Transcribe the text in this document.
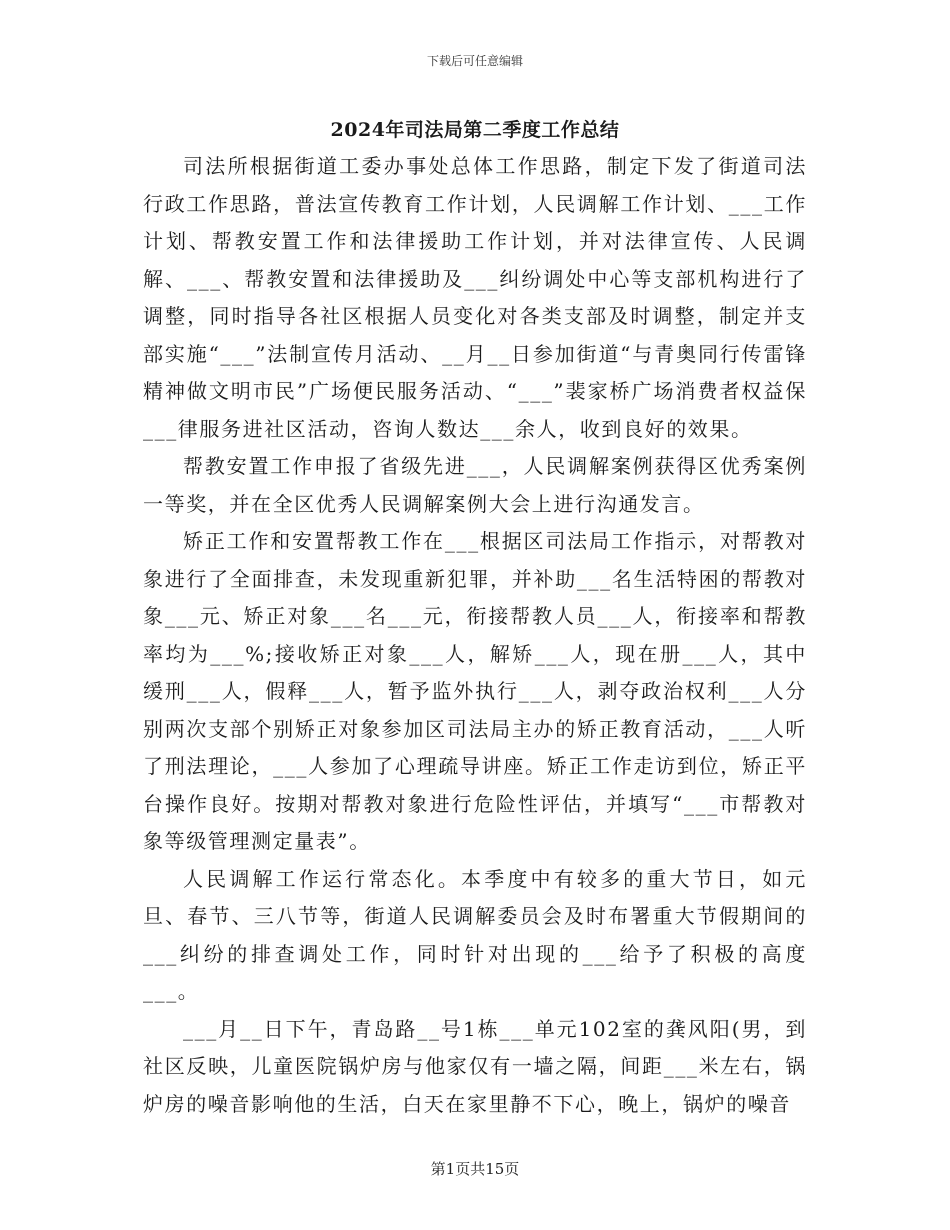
下载后可任意编辑
2024年司法局第二季度工作总结

司法所根据街道工委办事处总体工作思路，制定下发了街道司法行政工作思路，普法宣传教育工作计划，人民调解工作计划、___工作计划、帮教安置工作和法律援助工作计划，并对法律宣传、人民调解、___、帮教安置和法律援助及___纠纷调处中心等支部机构进行了调整，同时指导各社区根据人员变化对各类支部及时调整，制定并支部实施“___”法制宣传月活动、__月__日参加街道“与青奥同行传雷锋精神做文明市民”广场便民服务活动、“___”裴家桥广场消费者权益保___律服务进社区活动，咨询人数达___余人，收到良好的效果。

帮教安置工作申报了省级先进___，人民调解案例获得区优秀案例一等奖，并在全区优秀人民调解案例大会上进行沟通发言。

矫正工作和安置帮教工作在___根据区司法局工作指示，对帮教对象进行了全面排查，未发现重新犯罪，并补助___名生活特困的帮教对象___元、矫正对象___名___元，衔接帮教人员___人，衔接率和帮教率均为___%;接收矫正对象___人，解矫___人，现在册___人，其中缓刑___人，假释___人，暂予监外执行___人，剥夺政治权利___人分别两次支部个别矫正对象参加区司法局主办的矫正教育活动，___人听了刑法理论，___人参加了心理疏导讲座。矫正工作走访到位，矫正平台操作良好。按期对帮教对象进行危险性评估，并填写“___市帮教对象等级管理测定量表”。

人民调解工作运行常态化。本季度中有较多的重大节日，如元旦、春节、三八节等，街道人民调解委员会及时布署重大节假期间的___纠纷的排查调处工作，同时针对出现的___给予了积极的高度___。

___月__日下午，青岛路__号1栋___单元102室的龚风阳(男，到社区反映，儿童医院锅炉房与他家仅有一墙之隔，间距___米左右，锅炉房的噪音影响他的生活，白天在家里静不下心，晚上，锅炉的噪音

第1页共15页
